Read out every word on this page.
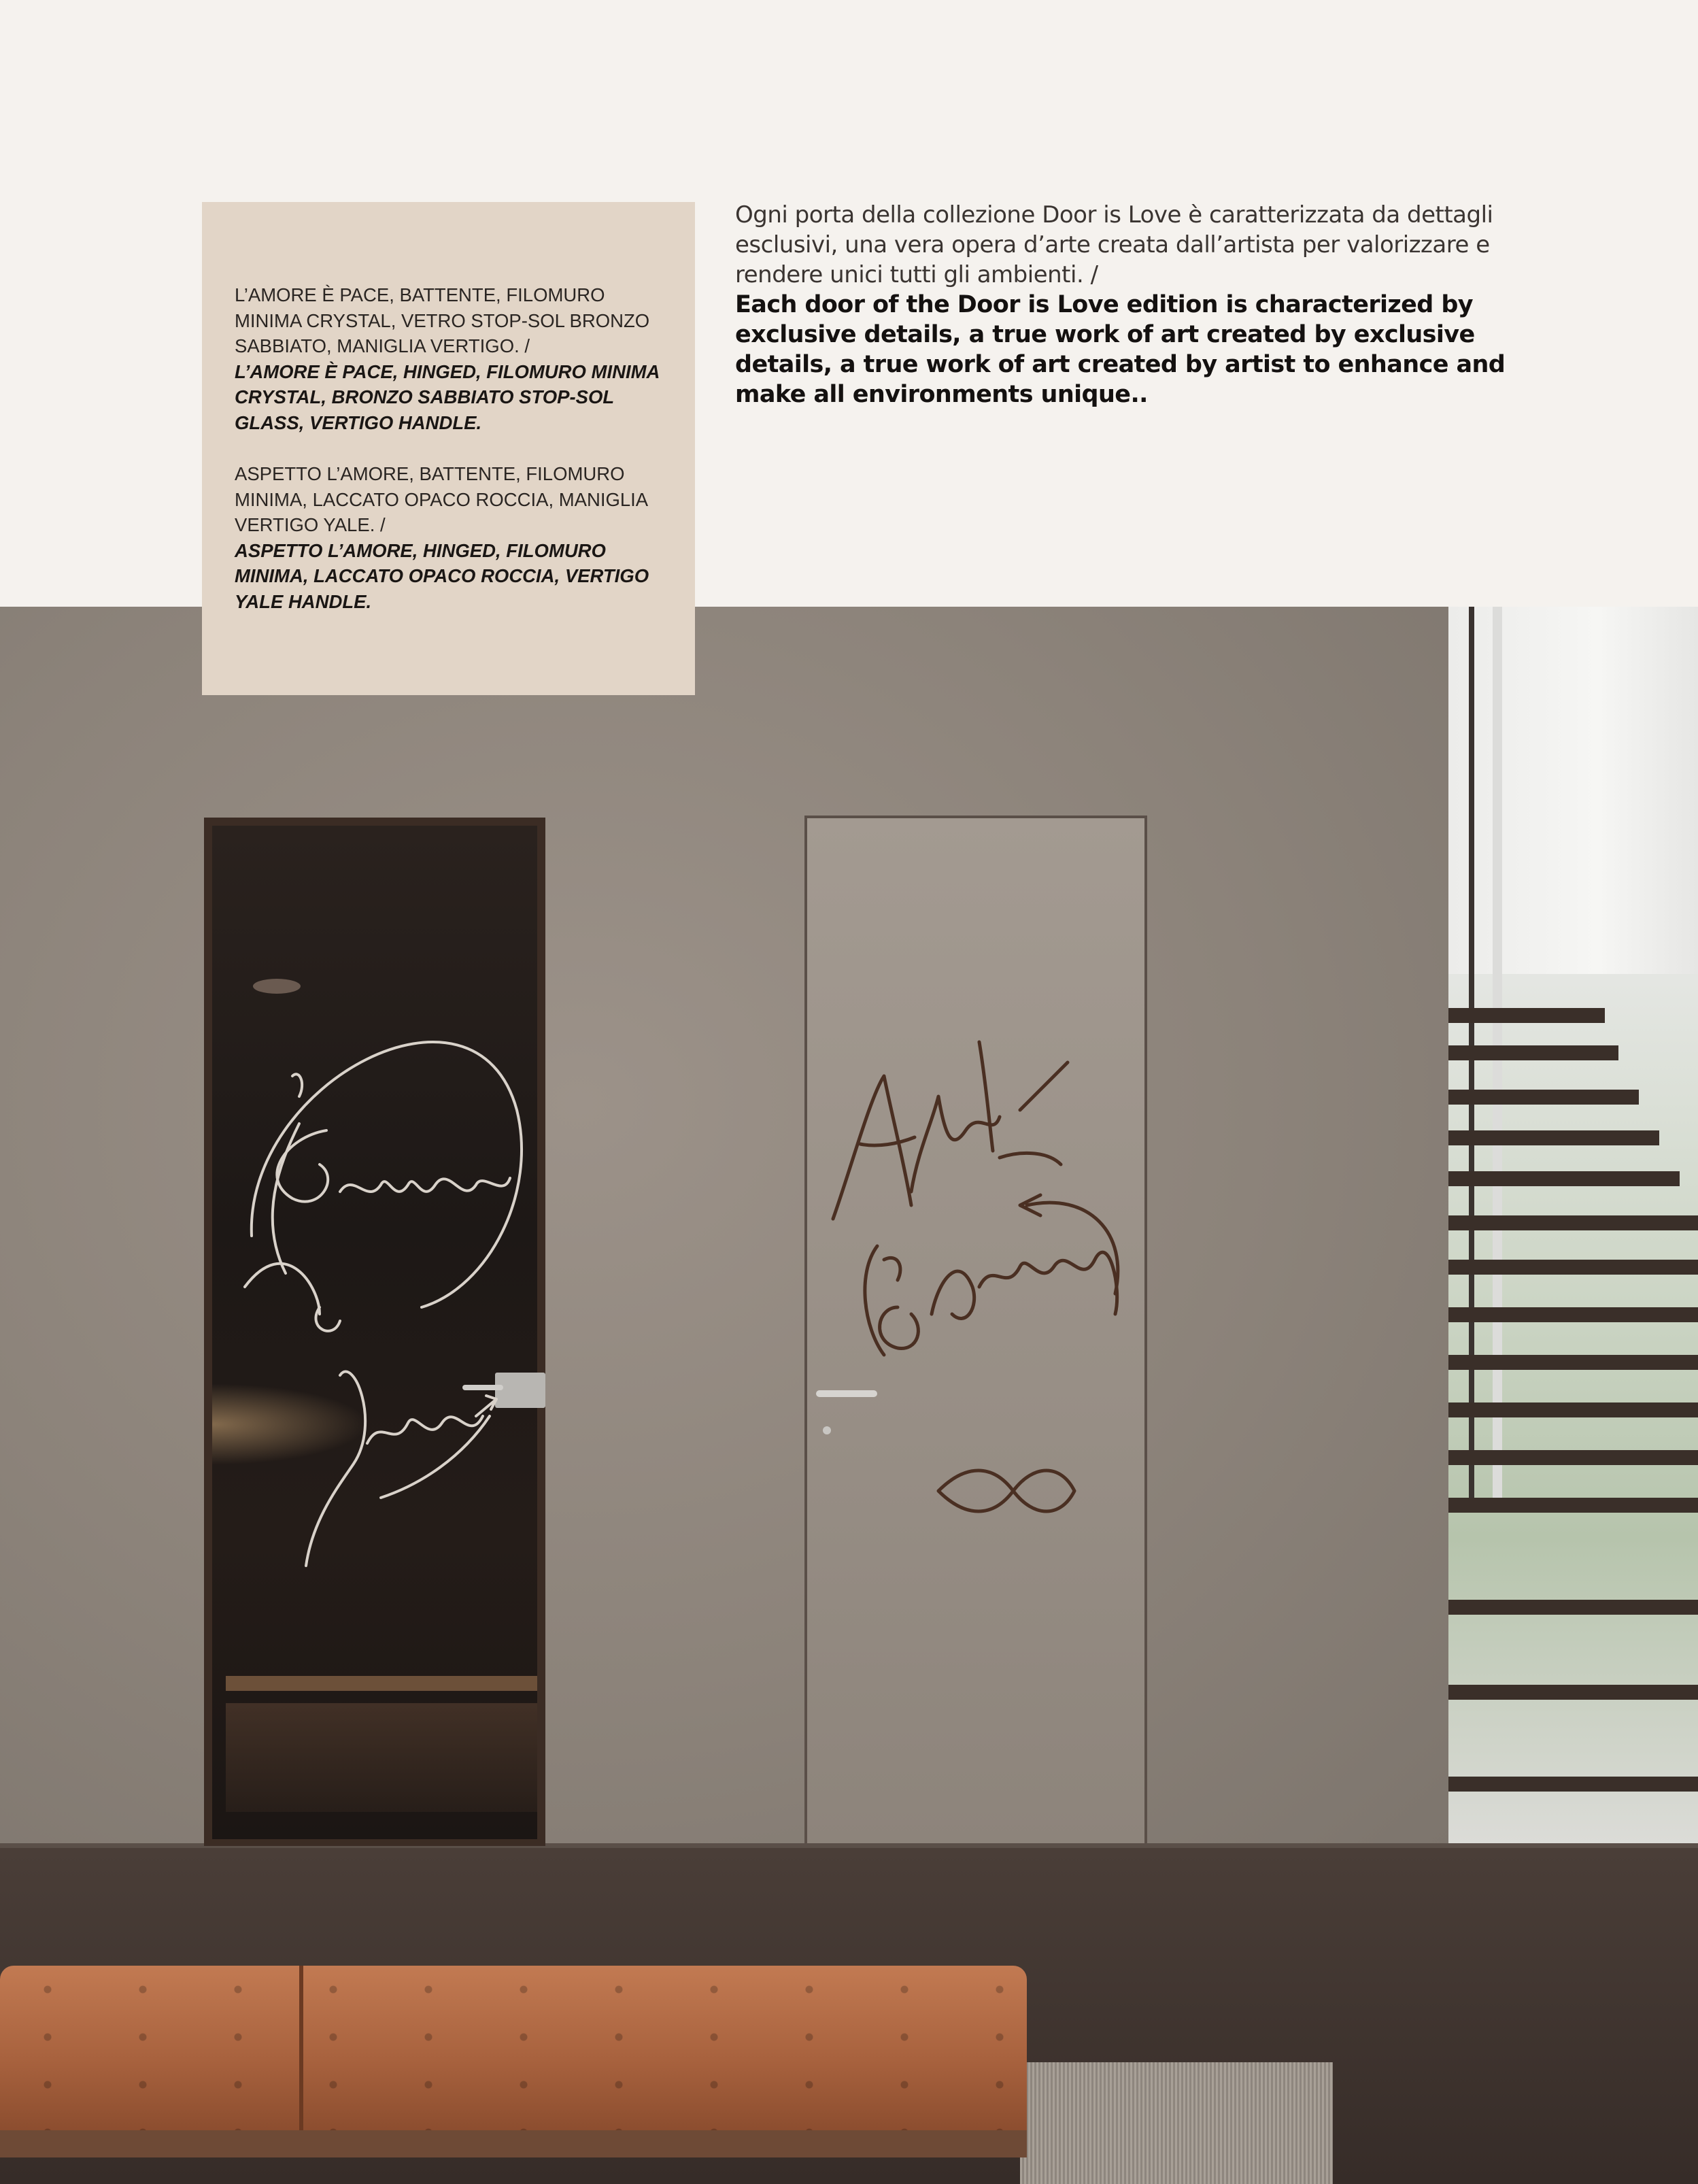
L’AMORE È PACE, BATTENTE, FILOMURO MINIMA CRYSTAL, VETRO STOP-SOL BRONZO SABBIATO, MANIGLIA VERTIGO. /
L’AMORE È PACE, HINGED, FILOMURO MINIMA CRYSTAL, BRONZO SABBIATO STOP-SOL GLASS, VERTIGO HANDLE.
ASPETTO L’AMORE, BATTENTE, FILOMURO MINIMA, LACCATO OPACO ROCCIA, MANIGLIA VERTIGO YALE. /
ASPETTO L’AMORE, HINGED, FILOMURO MINIMA, LACCATO OPACO ROCCIA, VERTIGO YALE HANDLE.

Ogni porta della collezione Door is Love è caratterizzata da dettagli esclusivi, una vera opera d’arte creata dall’artista per valorizzare e rendere unici tutti gli ambienti. /

Each door of the Door is Love edition is characterized by exclusive details, a true work of art created by exclusive details, a true work of art created by artist to enhance and make all environments unique..
